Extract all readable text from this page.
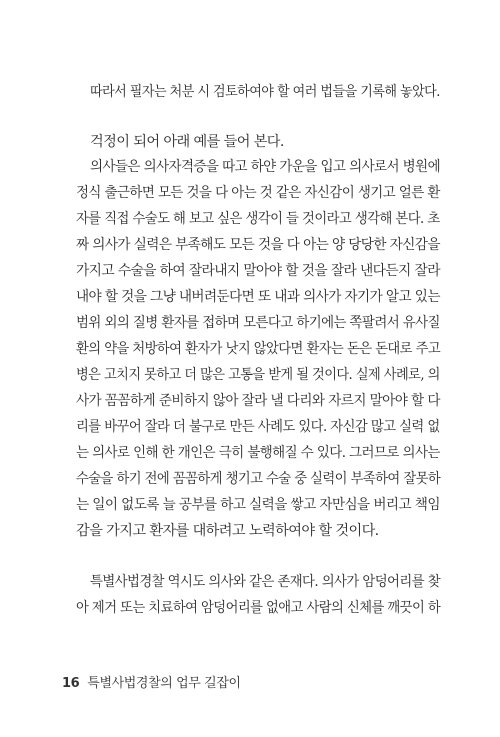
따라서 필자는 처분 시 검토하여야 할 여러 법들을 기록해 놓았다.
걱정이 되어 아래 예를 들어 본다.
의사들은 의사자격증을 따고 하얀 가운을 입고 의사로서 병원에
정식 출근하면 모든 것을 다 아는 것 같은 자신감이 생기고 얼른 환
자를 직접 수술도 해 보고 싶은 생각이 들 것이라고 생각해 본다. 초
짜 의사가 실력은 부족해도 모든 것을 다 아는 양 당당한 자신감을
가지고 수술을 하여 잘라내지 말아야 할 것을 잘라 낸다든지 잘라
내야 할 것을 그냥 내버려둔다면 또 내과 의사가 자기가 알고 있는
범위 외의 질병 환자를 접하며 모른다고 하기에는 쪽팔려서 유사질
환의 약을 처방하여 환자가 낫지 않았다면 환자는 돈은 돈대로 주고
병은 고치지 못하고 더 많은 고통을 받게 될 것이다. 실제 사례로, 의
사가 꼼꼼하게 준비하지 않아 잘라 낼 다리와 자르지 말아야 할 다
리를 바꾸어 잘라 더 불구로 만든 사례도 있다. 자신감 많고 실력 없
는 의사로 인해 한 개인은 극히 불행해질 수 있다. 그러므로 의사는
수술을 하기 전에 꼼꼼하게 챙기고 수술 중 실력이 부족하여 잘못하
는 일이 없도록 늘 공부를 하고 실력을 쌓고 자만심을 버리고 책임
감을 가지고 환자를 대하려고 노력하여야 할 것이다.
특별사법경찰 역시도 의사와 같은 존재다. 의사가 암덩어리를 찾
아 제거 또는 치료하여 암덩어리를 없애고 사람의 신체를 깨끗이 하
16 특별사법경찰의 업무 길잡이
